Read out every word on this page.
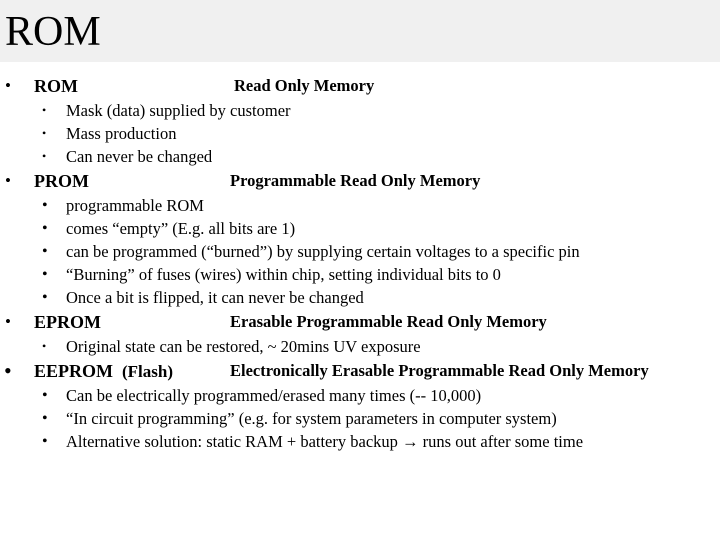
ROM
• ROM	Read Only Memory
• Mask (data) supplied by customer
• Mass production
• Can never be changed
• PROM	Programmable Read Only Memory
• programmable ROM
• comes “empty” (E.g. all bits are 1)
• can be programmed (“burned”) by supplying certain voltages to a specific pin
• “Burning” of fuses (wires) within chip, setting individual bits to 0
• Once a bit is flipped, it can never be changed
• EPROM	Erasable Programmable Read Only Memory
• Original state can be restored, ~ 20mins UV exposure
• EEPROM (Flash)	Electronically Erasable Programmable Read Only Memory
• Can be electrically programmed/erased many times (-- 10,000)
• “In circuit programming” (e.g. for system parameters in computer system)
• Alternative solution: static RAM + battery backup → runs out after some time
